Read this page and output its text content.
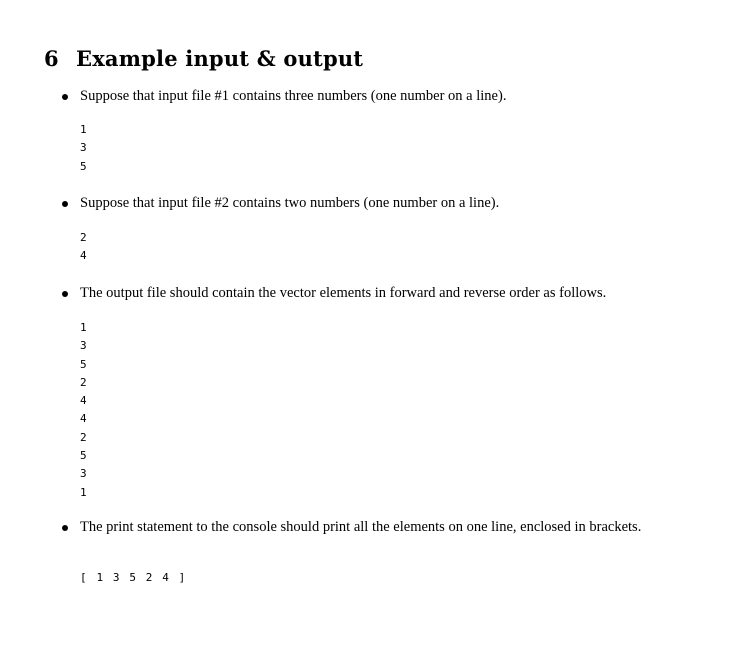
6 Example input & output
Suppose that input file #1 contains three numbers (one number on a line).
1
3
5
Suppose that input file #2 contains two numbers (one number on a line).
2
4
The output file should contain the vector elements in forward and reverse order as follows.
1
3
5
2
4
4
2
5
3
1
The print statement to the console should print all the elements on one line, enclosed in brackets.
[ 1 3 5 2 4 ]
